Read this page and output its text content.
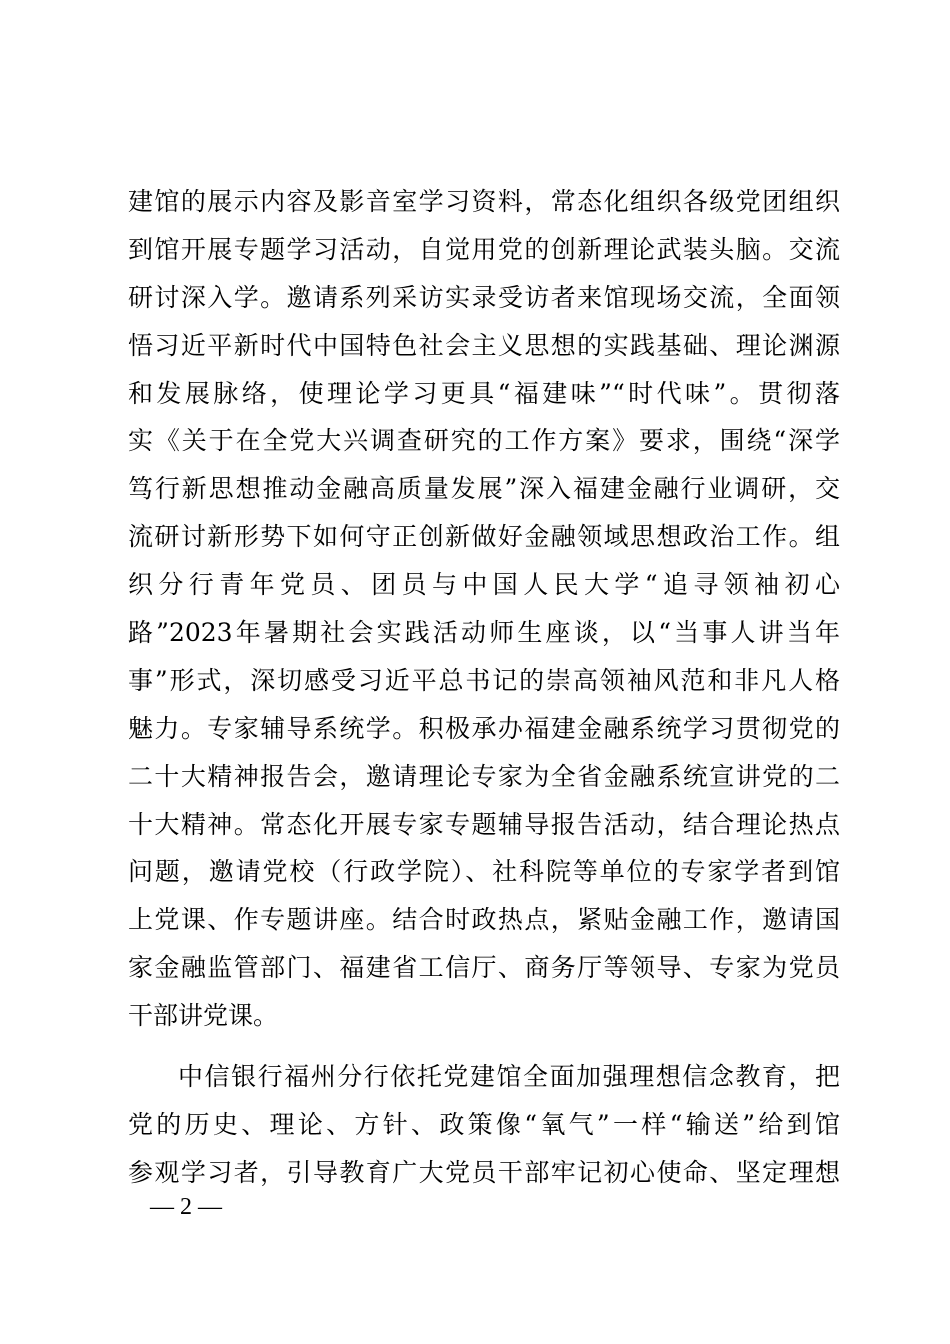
建馆的展示内容及影音室学习资料，常态化组织各级党团组织
到馆开展专题学习活动，自觉用党的创新理论武装头脑。交流
研讨深入学。邀请系列采访实录受访者来馆现场交流，全面领
悟习近平新时代中国特色社会主义思想的实践基础、理论渊源
和发展脉络，使理论学习更具“福建味”“时代味”。贯彻落
实《关于在全党大兴调查研究的工作方案》要求，围绕“深学
笃行新思想推动金融高质量发展”深入福建金融行业调研，交
流研讨新形势下如何守正创新做好金融领域思想政治工作。组
织分行青年党员、团员与中国人民大学“追寻领袖初心
路”2023年暑期社会实践活动师生座谈，以“当事人讲当年
事”形式，深切感受习近平总书记的崇高领袖风范和非凡人格
魅力。专家辅导系统学。积极承办福建金融系统学习贯彻党的
二十大精神报告会，邀请理论专家为全省金融系统宣讲党的二
十大精神。常态化开展专家专题辅导报告活动，结合理论热点
问题，邀请党校（行政学院）、社科院等单位的专家学者到馆
上党课、作专题讲座。结合时政热点，紧贴金融工作，邀请国
家金融监管部门、福建省工信厅、商务厅等领导、专家为党员
干部讲党课。
中信银行福州分行依托党建馆全面加强理想信念教育，把
党的历史、理论、方针、政策像“氧气”一样“输送”给到馆
参观学习者，引导教育广大党员干部牢记初心使命、坚定理想
— 2 —
